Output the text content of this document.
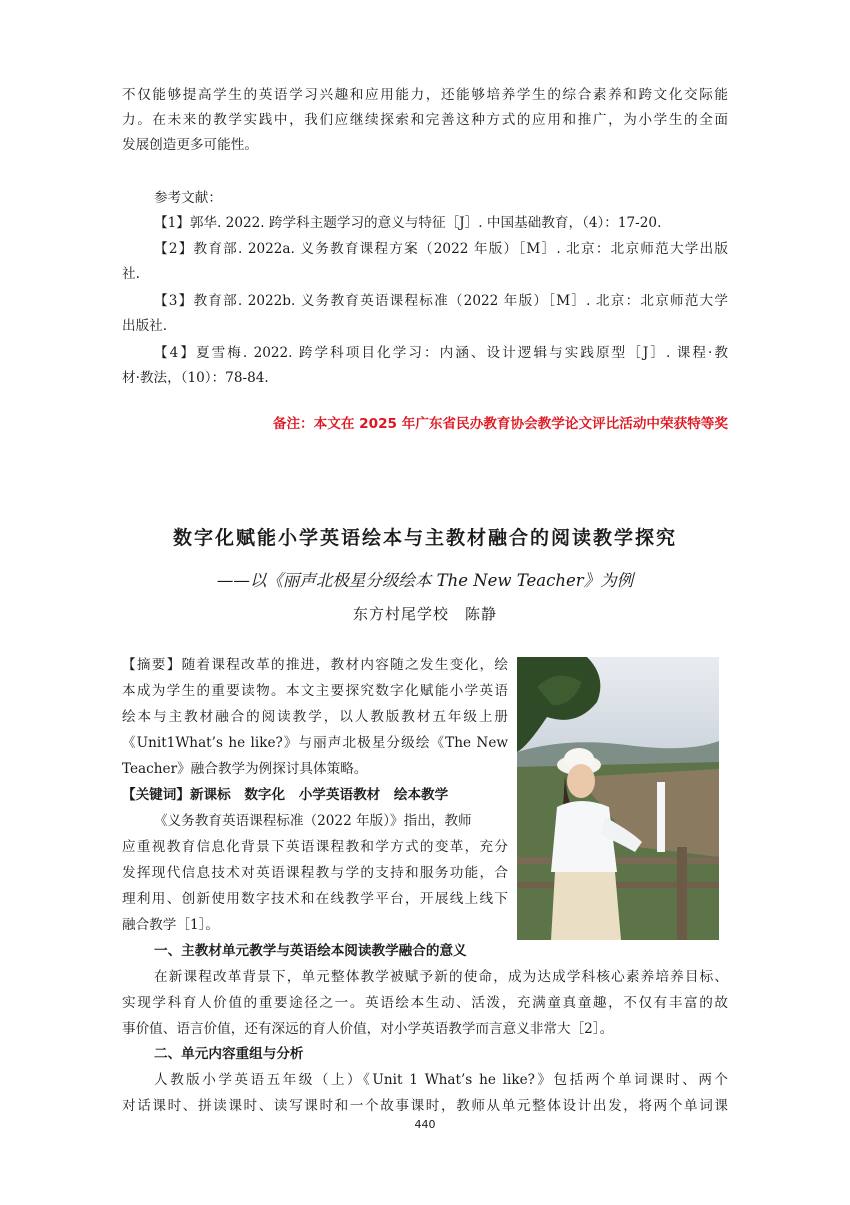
不仅能够提高学生的英语学习兴趣和应用能力，还能够培养学生的综合素养和跨文化交际能
力。在未来的教学实践中，我们应继续探索和完善这种方式的应用和推广，为小学生的全面
发展创造更多可能性。
参考文献：
【1】郭华. 2022. 跨学科主题学习的意义与特征［J］. 中国基础教育，（4）：17-20.
【2】教育部. 2022a. 义务教育课程方案（2022 年版）［M］. 北京：北京师范大学出版
社.
【3】教育部. 2022b. 义务教育英语课程标准（2022 年版）［M］. 北京：北京师范大学
出版社.
【4】夏雪梅. 2022. 跨学科项目化学习：内涵、设计逻辑与实践原型［J］. 课程·教
材·教法，（10）：78-84.
备注：本文在 2025 年广东省民办教育协会教学论文评比活动中荣获特等奖
数字化赋能小学英语绘本与主教材融合的阅读教学探究
——以《丽声北极星分级绘本 The New Teacher》为例
东方村尾学校 陈静
【摘要】随着课程改革的推进，教材内容随之发生变化，绘
本成为学生的重要读物。本文主要探究数字化赋能小学英语
绘本与主教材融合的阅读教学，以人教版教材五年级上册
《Unit1What’s he like?》与丽声北极星分级绘《The New
Teacher》融合教学为例探讨具体策略。
【关键词】新课标　数字化　小学英语教材　绘本教学
《义务教育英语课程标准（2022 年版）》指出，教师
应重视教育信息化背景下英语课程教和学方式的变革，充分
发挥现代信息技术对英语课程教与学的支持和服务功能，合
理利用、创新使用数字技术和在线教学平台，开展线上线下
融合教学［1］。
一、主教材单元教学与英语绘本阅读教学融合的意义
在新课程改革背景下，单元整体教学被赋予新的使命，成为达成学科核心素养培养目标、
实现学科育人价值的重要途径之一。英语绘本生动、活泼，充满童真童趣，不仅有丰富的故
事价值、语言价值，还有深远的育人价值，对小学英语教学而言意义非常大［2］。
二、单元内容重组与分析
人教版小学英语五年级（上）《Unit 1 What’s he like?》包括两个单词课时、两个
对话课时、拼读课时、读写课时和一个故事课时，教师从单元整体设计出发，将两个单词课
440
